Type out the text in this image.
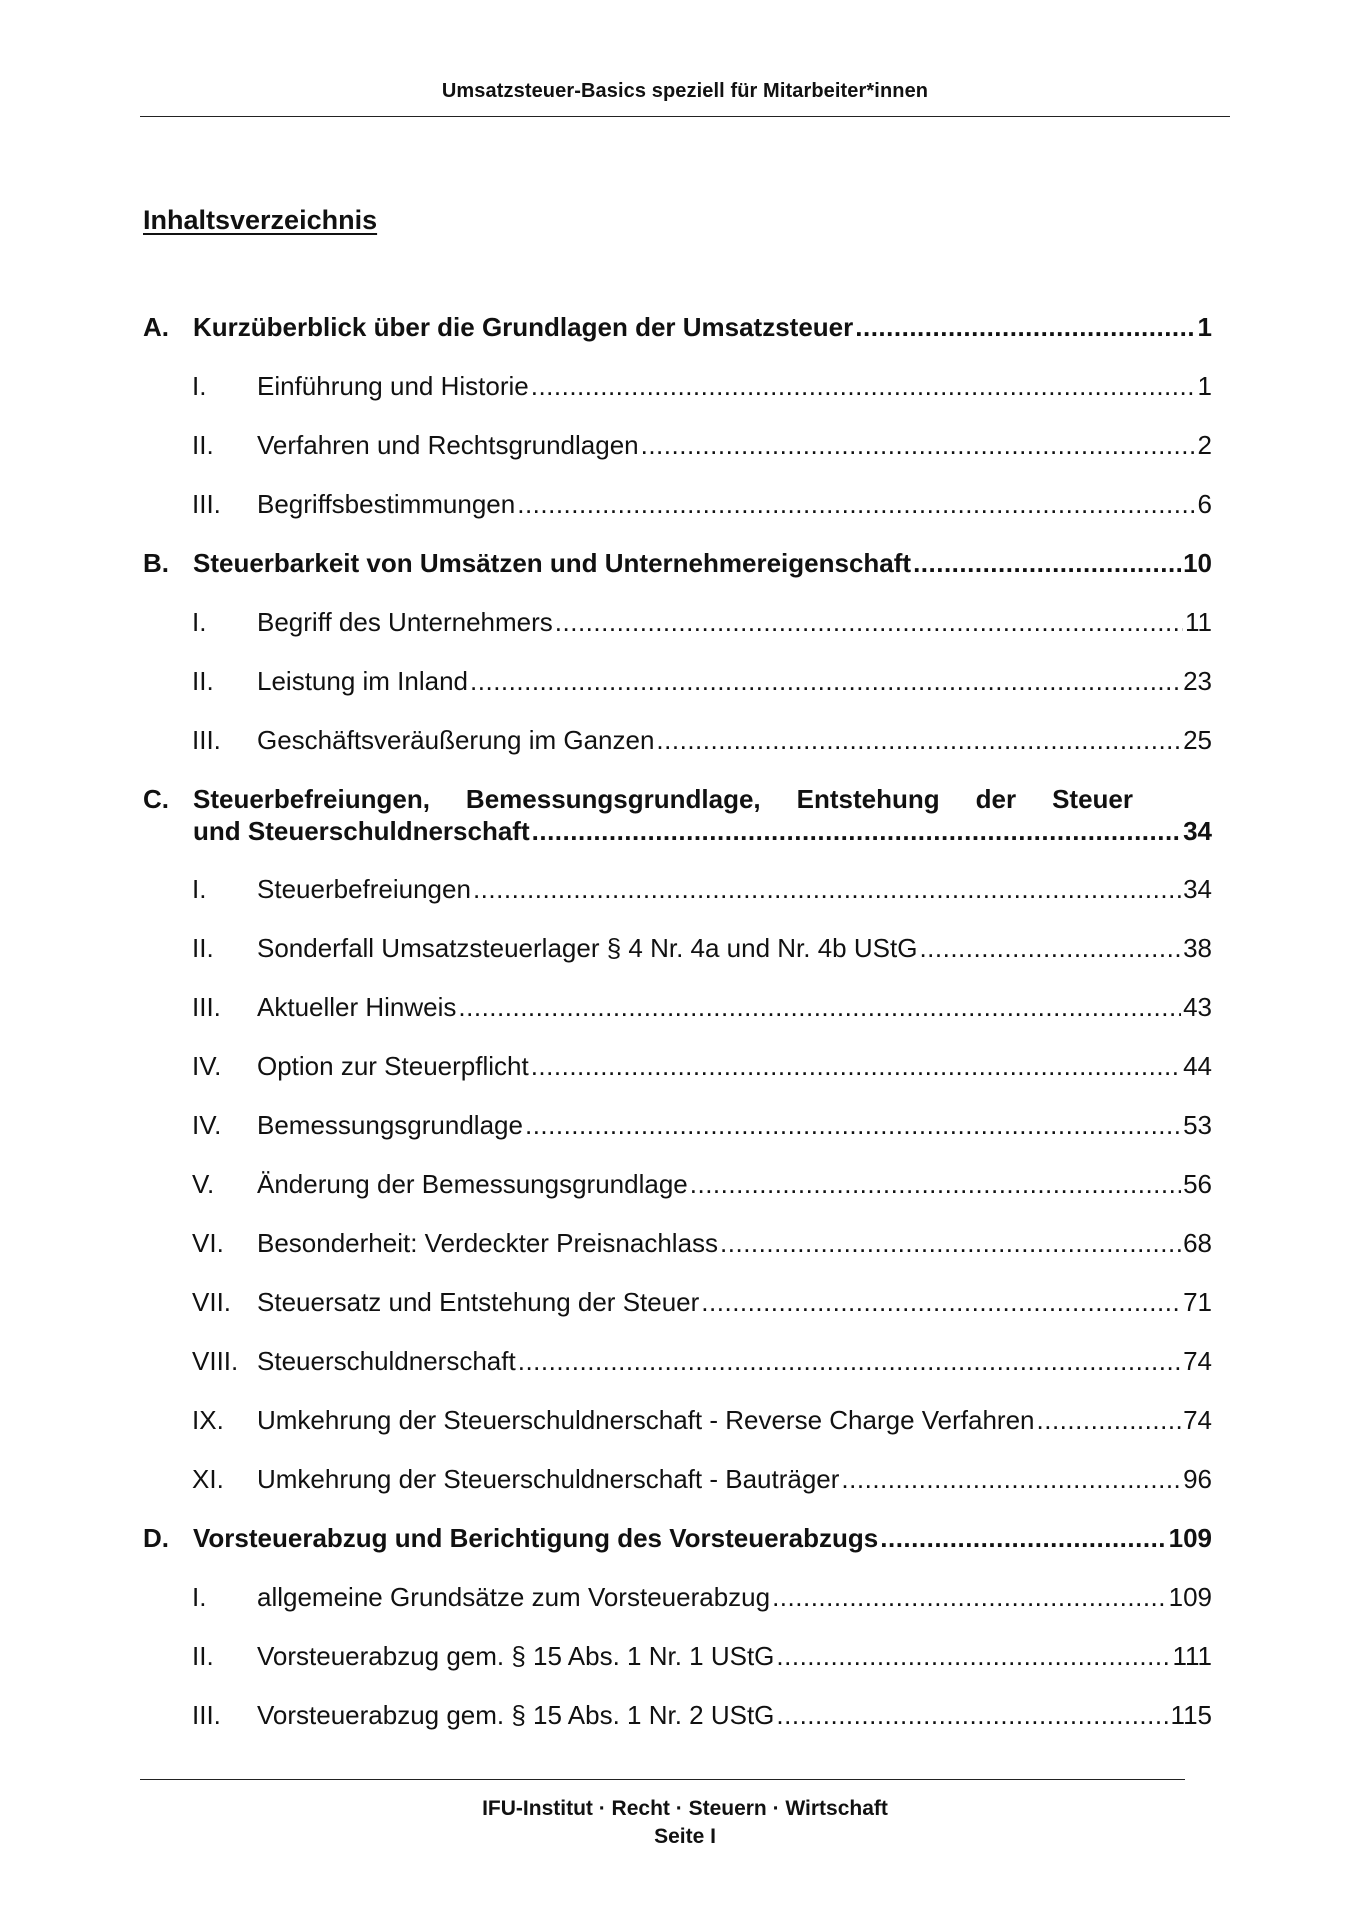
Umsatzsteuer-Basics speziell für Mitarbeiter*innen
Inhaltsverzeichnis
A. Kurzüberblick über die Grundlagen der Umsatzsteuer .....	1
I. Einführung und Historie .....	1
II. Verfahren und Rechtsgrundlagen .....	2
III. Begriffsbestimmungen .....	6
B. Steuerbarkeit von Umsätzen und Unternehmereigenschaft .....	10
I. Begriff des Unternehmers .....	11
II. Leistung im Inland .....	23
III. Geschäftsveräußerung im Ganzen .....	25
C. Steuerbefreiungen, Bemessungsgrundlage, Entstehung der Steuer
und Steuerschuldnerschaft .....	34
I. Steuerbefreiungen .....	34
II. Sonderfall Umsatzsteuerlager § 4 Nr. 4a und Nr. 4b UStG .....	38
III. Aktueller Hinweis .....	43
IV. Option zur Steuerpflicht .....	44
IV. Bemessungsgrundlage .....	53
V. Änderung der Bemessungsgrundlage .....	56
VI. Besonderheit: Verdeckter Preisnachlass .....	68
VII. Steuersatz und Entstehung der Steuer .....	71
VIII. Steuerschuldnerschaft .....	74
IX. Umkehrung der Steuerschuldnerschaft - Reverse Charge Verfahren .....	74
XI. Umkehrung der Steuerschuldnerschaft - Bauträger .....	96
D. Vorsteuerabzug und Berichtigung des Vorsteuerabzugs .....	109
I. allgemeine Grundsätze zum Vorsteuerabzug .....	109
II. Vorsteuerabzug gem. § 15 Abs. 1 Nr. 1 UStG .....	111
III. Vorsteuerabzug gem. § 15 Abs. 1 Nr. 2 UStG .....	115
IFU-Institut · Recht · Steuern · Wirtschaft
Seite I
